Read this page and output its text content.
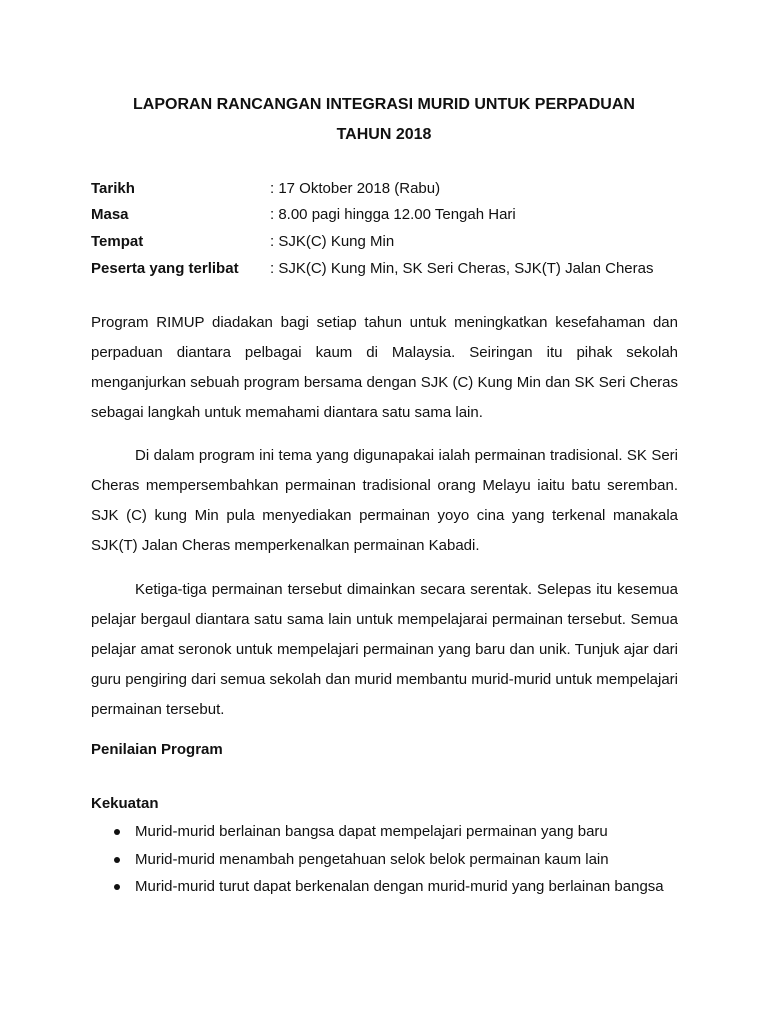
LAPORAN RANCANGAN INTEGRASI MURID UNTUK PERPADUAN
TAHUN 2018
Tarikh	: 17 Oktober 2018 (Rabu)
Masa	: 8.00 pagi hingga 12.00 Tengah Hari
Tempat	: SJK(C) Kung Min
Peserta yang terlibat : SJK(C) Kung Min, SK Seri Cheras, SJK(T) Jalan Cheras

Program RIMUP diadakan bagi setiap tahun untuk meningkatkan kesefahaman dan perpaduan diantara pelbagai kaum di Malaysia. Seiringan itu pihak sekolah menganjurkan sebuah program bersama dengan SJK (C) Kung Min dan SK Seri Cheras sebagai langkah untuk memahami diantara satu sama lain.

Di dalam program ini tema yang digunapakai ialah permainan tradisional. SK Seri Cheras mempersembahkan permainan tradisional orang Melayu iaitu batu seremban. SJK (C) kung Min pula menyediakan permainan yoyo cina yang terkenal manakala SJK(T) Jalan Cheras memperkenalkan permainan Kabadi.

Ketiga-tiga permainan tersebut dimainkan secara serentak. Selepas itu kesemua pelajar bergaul diantara satu sama lain untuk mempelajarai permainan tersebut. Semua pelajar amat seronok untuk mempelajari permainan yang baru dan unik. Tunjuk ajar dari guru pengiring dari semua sekolah dan murid membantu murid-murid untuk mempelajari permainan tersebut.

Penilaian Program
Kekuatan
Murid-murid berlainan bangsa dapat mempelajari permainan yang baru
Murid-murid menambah pengetahuan selok belok permainan kaum lain
Murid-murid turut dapat berkenalan dengan murid-murid yang berlainan bangsa
